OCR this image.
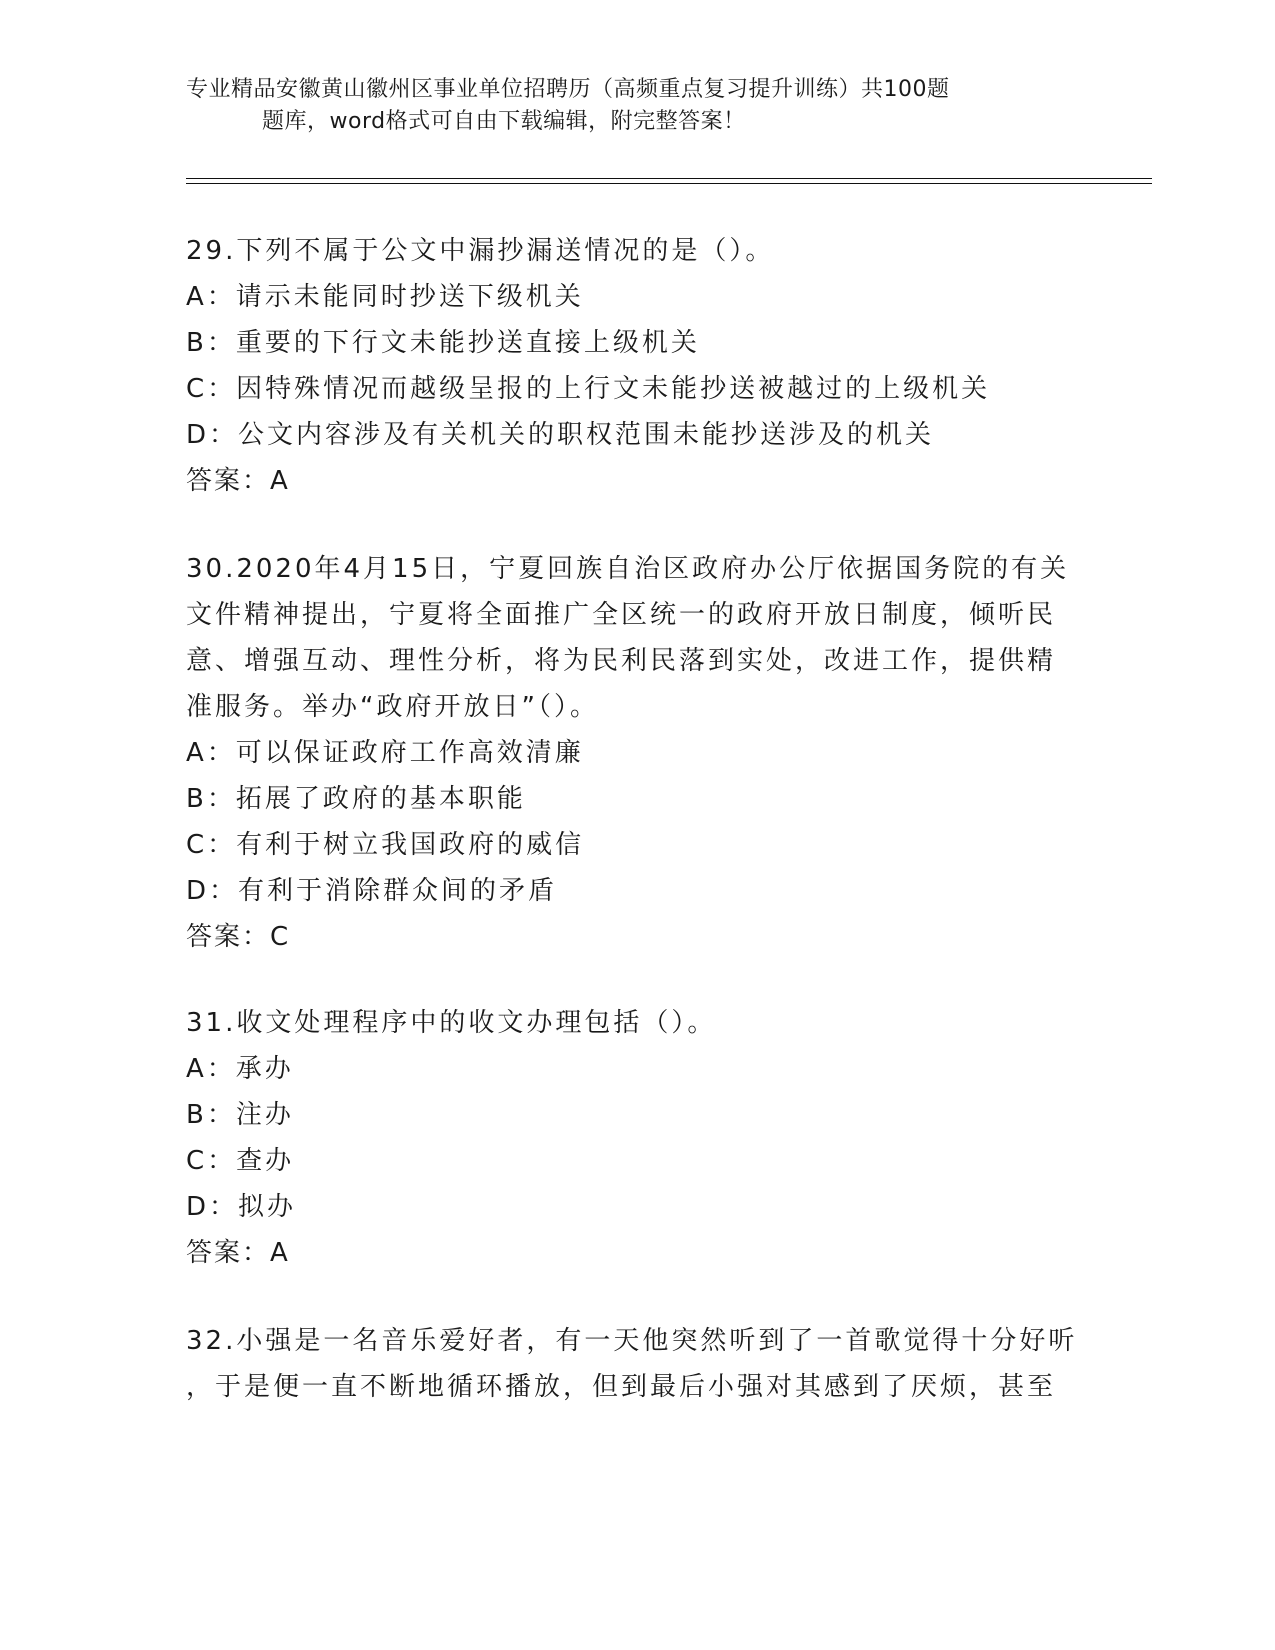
专业精品安徽黄山徽州区事业单位招聘历（高频重点复习提升训练）共100题
题库，word格式可自由下载编辑，附完整答案！

29.下列不属于公文中漏抄漏送情况的是（）。

A：请示未能同时抄送下级机关

B：重要的下行文未能抄送直接上级机关

C：因特殊情况而越级呈报的上行文未能抄送被越过的上级机关

D：公文内容涉及有关机关的职权范围未能抄送涉及的机关

答案：A

30.2020年4月15日，宁夏回族自治区政府办公厅依据国务院的有关

文件精神提出，宁夏将全面推广全区统一的政府开放日制度，倾听民

意、增强互动、理性分析，将为民利民落到实处，改进工作，提供精

准服务。举办“政府开放日”（）。

A：可以保证政府工作高效清廉

B：拓展了政府的基本职能

C：有利于树立我国政府的威信

D：有利于消除群众间的矛盾

答案：C

31.收文处理程序中的收文办理包括（）。

A：承办

B：注办

C：查办

D：拟办

答案：A

32.小强是一名音乐爱好者，有一天他突然听到了一首歌觉得十分好听

，于是便一直不断地循环播放，但到最后小强对其感到了厌烦，甚至
